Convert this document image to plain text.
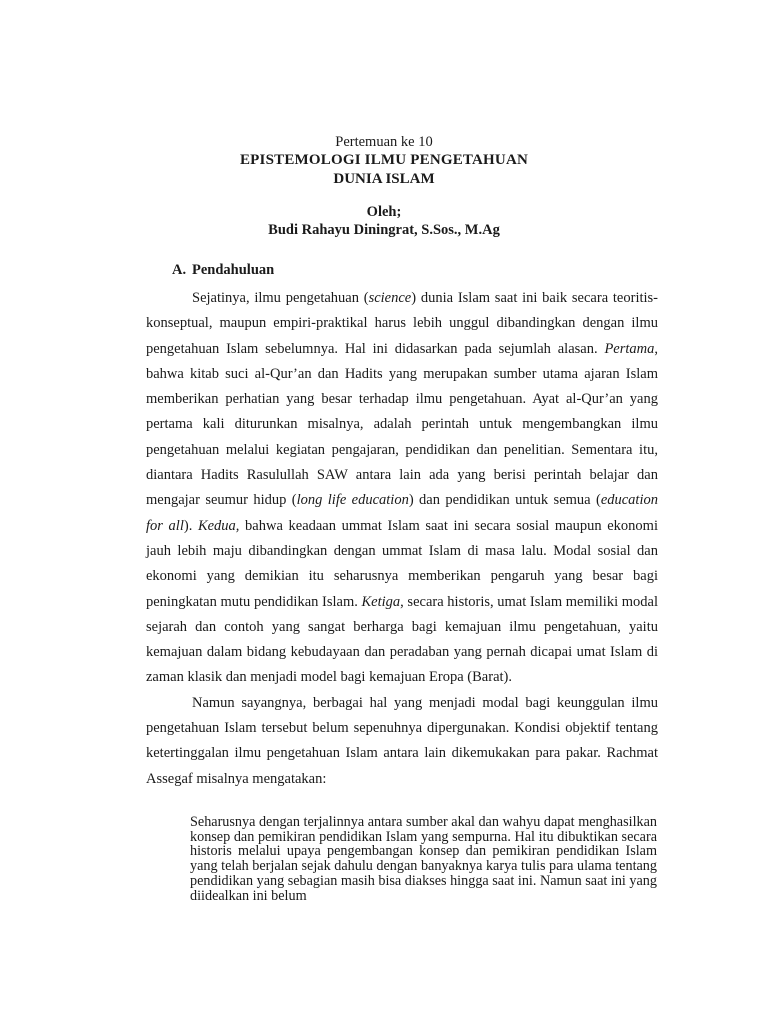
Pertemuan ke 10
EPISTEMOLOGI ILMU PENGETAHUAN
DUNIA ISLAM
Oleh;
Budi Rahayu Diningrat, S.Sos., M.Ag
A. Pendahuluan

Sejatinya, ilmu pengetahuan (science) dunia Islam saat ini baik secara teoritis-konseptual, maupun empiri-praktikal harus lebih unggul dibandingkan dengan ilmu pengetahuan Islam sebelumnya. Hal ini didasarkan pada sejumlah alasan. Pertama, bahwa kitab suci al-Qur’an dan Hadits yang merupakan sumber utama ajaran Islam memberikan perhatian yang besar terhadap ilmu pengetahuan. Ayat al-Qur’an yang pertama kali diturunkan misalnya, adalah perintah untuk mengembangkan ilmu pengetahuan melalui kegiatan pengajaran, pendidikan dan penelitian. Sementara itu, diantara Hadits Rasulullah SAW antara lain ada yang berisi perintah belajar dan mengajar seumur hidup (long life education) dan pendidikan untuk semua (education for all). Kedua, bahwa keadaan ummat Islam saat ini secara sosial maupun ekonomi jauh lebih maju dibandingkan dengan ummat Islam di masa lalu. Modal sosial dan ekonomi yang demikian itu seharusnya memberikan pengaruh yang besar bagi peningkatan mutu pendidikan Islam. Ketiga, secara historis, umat Islam memiliki modal sejarah dan contoh yang sangat berharga bagi kemajuan ilmu pengetahuan, yaitu kemajuan dalam bidang kebudayaan dan peradaban yang pernah dicapai umat Islam di zaman klasik dan menjadi model bagi kemajuan Eropa (Barat).

Namun sayangnya, berbagai hal yang menjadi modal bagi keunggulan ilmu pengetahuan Islam tersebut belum sepenuhnya dipergunakan. Kondisi objektif tentang ketertinggalan ilmu pengetahuan Islam antara lain dikemukakan para pakar. Rachmat Assegaf misalnya mengatakan:

Seharusnya dengan terjalinnya antara sumber akal dan wahyu dapat menghasilkan konsep dan pemikiran pendidikan Islam yang sempurna. Hal itu dibuktikan secara historis melalui upaya pengembangan konsep dan pemikiran pendidikan Islam yang telah berjalan sejak dahulu dengan banyaknya karya tulis para ulama tentang pendidikan yang sebagian masih bisa diakses hingga saat ini. Namun saat ini yang diidealkan ini belum
